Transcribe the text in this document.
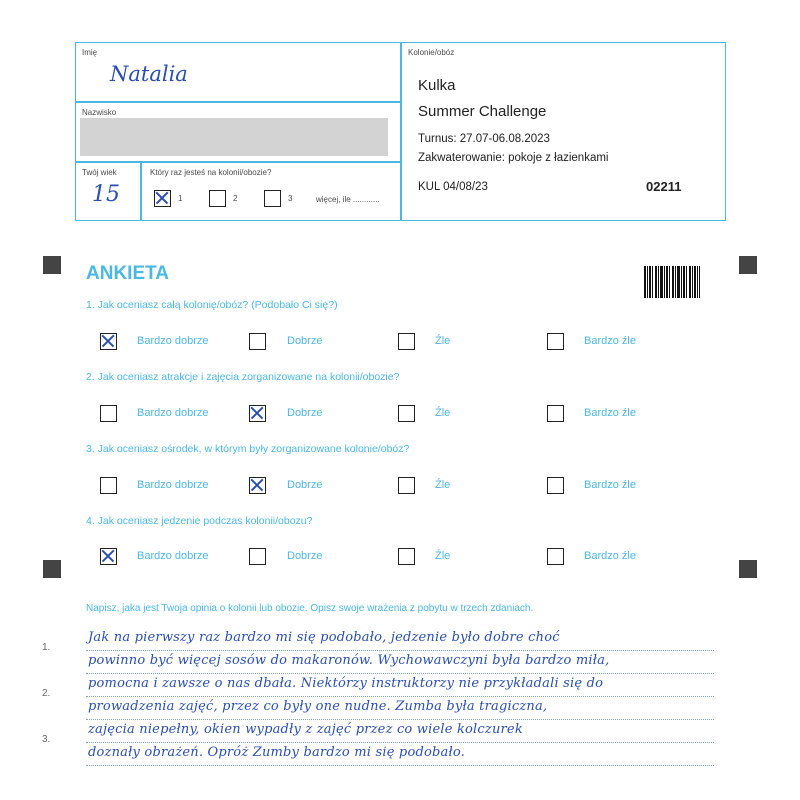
Imię
Natalia
Nazwisko
Twój wiek
15
Który raz jesteś na kolonii/obozie?
1	2	3	więcej, ile ............
Kolonie/obóz
Kulka
Summer Challenge
Turnus: 27.07-06.08.2023
Zakwaterowanie: pokoje z łazienkami
KUL 04/08/23	02211
ANKIETA
1. Jak oceniasz całą kolonię/obóz? (Podobało Ci się?)
Bardzo dobrze	Dobrze	Źle	Bardzo źle
2. Jak oceniasz atrakcje i zajęcia zorganizowane na kolonii/obozie?
Bardzo dobrze	Dobrze	Źle	Bardzo źle
3. Jak oceniasz ośrodek, w którym były zorganizowane kolonie/obóz?
Bardzo dobrze	Dobrze	Źle	Bardzo źle
4. Jak oceniasz jedzenie podczas kolonii/obozu?
Bardzo dobrze	Dobrze	Źle	Bardzo źle
Napisz, jaka jest Twoja opinia o kolonii lub obozie. Opisz swoje wrażenia z pobytu w trzech zdaniach.
1.
2.
3.
Jak na pierwszy raz bardzo mi się podobało, jedzenie było dobre choć
powinno być więcej sosów do makaronów. Wychowawczyni była bardzo miła,
pomocna i zawsze o nas dbała. Niektórzy instruktorzy nie przykładali się do
prowadzenia zajęć, przez co były one nudne. Zumba była tragiczna,
zajęcia niepełny, okien wypadły z zajęć przez co wiele kolczurek
doznały obrażeń. Opróż Zumby bardzo mi się podobało.
